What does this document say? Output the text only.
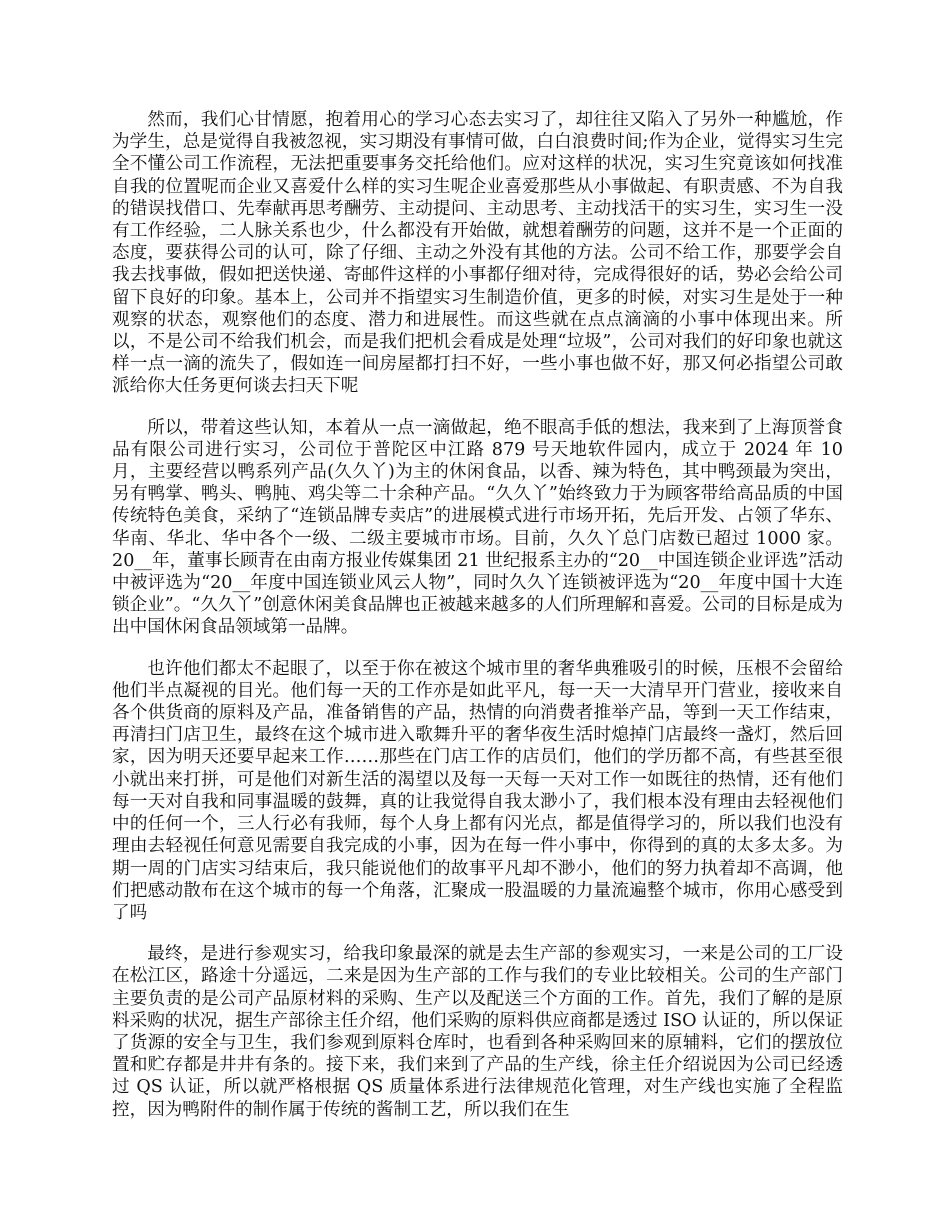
然而，我们心甘情愿，抱着用心的学习心态去实习了，却往往又陷入了另外一种尴尬，作为学生，总是觉得自我被忽视，实习期没有事情可做，白白浪费时间;作为企业，觉得实习生完全不懂公司工作流程，无法把重要事务交托给他们。应对这样的状况，实习生究竟该如何找准自我的位置呢而企业又喜爱什么样的实习生呢企业喜爱那些从小事做起、有职责感、不为自我的错误找借口、先奉献再思考酬劳、主动提问、主动思考、主动找活干的实习生，实习生一没有工作经验，二人脉关系也少，什么都没有开始做，就想着酬劳的问题，这并不是一个正面的态度，要获得公司的认可，除了仔细、主动之外没有其他的方法。公司不给工作，那要学会自我去找事做，假如把送快递、寄邮件这样的小事都仔细对待，完成得很好的话，势必会给公司留下良好的印象。基本上，公司并不指望实习生制造价值，更多的时候，对实习生是处于一种观察的状态，观察他们的态度、潜力和进展性。而这些就在点点滴滴的小事中体现出来。所以，不是公司不给我们机会，而是我们把机会看成是处理“垃圾”，公司对我们的好印象也就这样一点一滴的流失了，假如连一间房屋都打扫不好，一些小事也做不好，那又何必指望公司敢派给你大任务更何谈去扫天下呢

所以，带着这些认知，本着从一点一滴做起，绝不眼高手低的想法，我来到了上海顶誉食品有限公司进行实习，公司位于普陀区中江路 879 号天地软件园内，成立于 2024 年 10 月，主要经营以鸭系列产品(久久丫)为主的休闲食品，以香、辣为特色，其中鸭颈最为突出，另有鸭掌、鸭头、鸭肫、鸡尖等二十余种产品。“久久丫”始终致力于为顾客带给高品质的中国传统特色美食，采纳了“连锁品牌专卖店”的进展模式进行市场开拓，先后开发、占领了华东、华南、华北、华中各个一级、二级主要城市市场。目前，久久丫总门店数已超过 1000 家。20__年，董事长顾青在由南方报业传媒集团 21 世纪报系主办的“20__中国连锁企业评选”活动中被评选为“20__年度中国连锁业风云人物”，同时久久丫连锁被评选为“20__年度中国十大连锁企业”。“久久丫”创意休闲美食品牌也正被越来越多的人们所理解和喜爱。公司的目标是成为出中国休闲食品领域第一品牌。

也许他们都太不起眼了，以至于你在被这个城市里的奢华典雅吸引的时候，压根不会留给他们半点凝视的目光。他们每一天的工作亦是如此平凡，每一天一大清早开门营业，接收来自各个供货商的原料及产品，准备销售的产品，热情的向消费者推举产品，等到一天工作结束，再清扫门店卫生，最终在这个城市进入歌舞升平的奢华夜生活时熄掉门店最终一盏灯，然后回家，因为明天还要早起来工作……那些在门店工作的店员们，他们的学历都不高，有些甚至很小就出来打拼，可是他们对新生活的渴望以及每一天每一天对工作一如既往的热情，还有他们每一天对自我和同事温暖的鼓舞，真的让我觉得自我太渺小了，我们根本没有理由去轻视他们中的任何一个，三人行必有我师，每个人身上都有闪光点，都是值得学习的，所以我们也没有理由去轻视任何意见需要自我完成的小事，因为在每一件小事中，你得到的真的太多太多。为期一周的门店实习结束后，我只能说他们的故事平凡却不渺小，他们的努力执着却不高调，他们把感动散布在这个城市的每一个角落，汇聚成一股温暖的力量流遍整个城市，你用心感受到了吗

最终，是进行参观实习，给我印象最深的就是去生产部的参观实习，一来是公司的工厂设在松江区，路途十分遥远，二来是因为生产部的工作与我们的专业比较相关。公司的生产部门主要负责的是公司产品原材料的采购、生产以及配送三个方面的工作。首先，我们了解的是原料采购的状况，据生产部徐主任介绍，他们采购的原料供应商都是透过 ISO 认证的，所以保证了货源的安全与卫生，我们参观到原料仓库时，也看到各种采购回来的原辅料，它们的摆放位置和贮存都是井井有条的。接下来，我们来到了产品的生产线，徐主任介绍说因为公司已经透过 QS 认证，所以就严格根据 QS 质量体系进行法律规范化管理，对生产线也实施了全程监控，因为鸭附件的制作属于传统的酱制工艺，所以我们在生
